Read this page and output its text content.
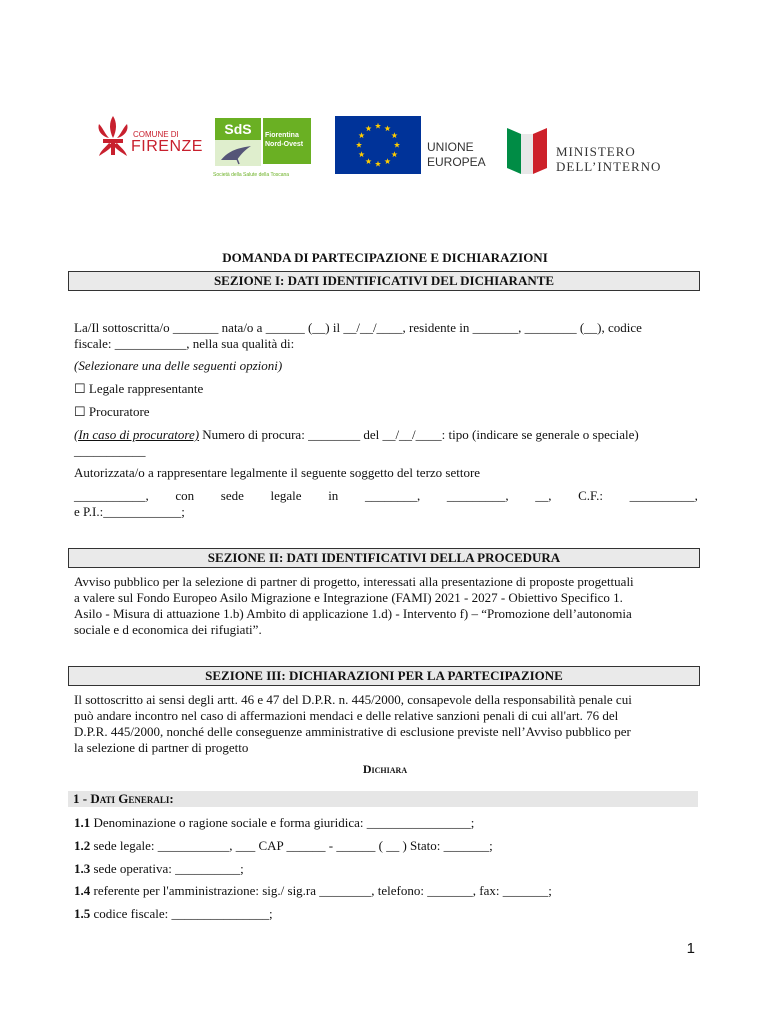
COMUNE DI
FIRENZE
SdS	Fiorentina
Nord-Ovest
Società della Salute della Toscana
UNIONE
EUROPEA
MINISTERO
DELL’INTERNO
DOMANDA DI PARTECIPAZIONE E DICHIARAZIONI
SEZIONE I: DATI IDENTIFICATIVI DEL DICHIARANTE
La/Il sottoscritta/o _______ nata/o a ______ (__) il __/__/____, residente in _______, ________ (__), codice
fiscale: ___________, nella sua qualità di:
(Selezionare una delle seguenti opzioni)
☐ Legale rappresentante
☐ Procuratore
(In caso di procuratore) Numero di procura: ________ del __/__/____: tipo (indicare se generale o speciale)
___________
Autorizzata/o a rappresentare legalmente il seguente soggetto del terzo settore
___________, con sede legale in ________, _________, __, C.F.: __________,
e P.I.:____________;
SEZIONE II: DATI IDENTIFICATIVI DELLA PROCEDURA
Avviso pubblico per la selezione di partner di progetto, interessati alla presentazione di proposte progettuali
a valere sul Fondo Europeo Asilo Migrazione e Integrazione (FAMI) 2021 - 2027 - Obiettivo Specifico 1.
Asilo - Misura di attuazione 1.b) Ambito di applicazione 1.d) - Intervento f) – “Promozione dell’autonomia
sociale e d economica dei rifugiati”.
SEZIONE III: DICHIARAZIONI PER LA PARTECIPAZIONE
Il sottoscritto ai sensi degli artt. 46 e 47 del D.P.R. n. 445/2000, consapevole della responsabilità penale cui
può andare incontro nel caso di affermazioni mendaci e delle relative sanzioni penali di cui all'art. 76 del
D.P.R. 445/2000, nonché delle conseguenze amministrative di esclusione previste nell’Avviso pubblico per
la selezione di partner di progetto
Dichiara
1 - Dati Generali:
1.1 Denominazione o ragione sociale e forma giuridica: ________________;
1.2 sede legale: ___________, ___ CAP ______ - ______ ( __ ) Stato: _______;
1.3 sede operativa: __________;
1.4 referente per l'amministrazione: sig./ sig.ra ________, telefono: _______, fax: _______;
1.5 codice fiscale: _______________;
1
